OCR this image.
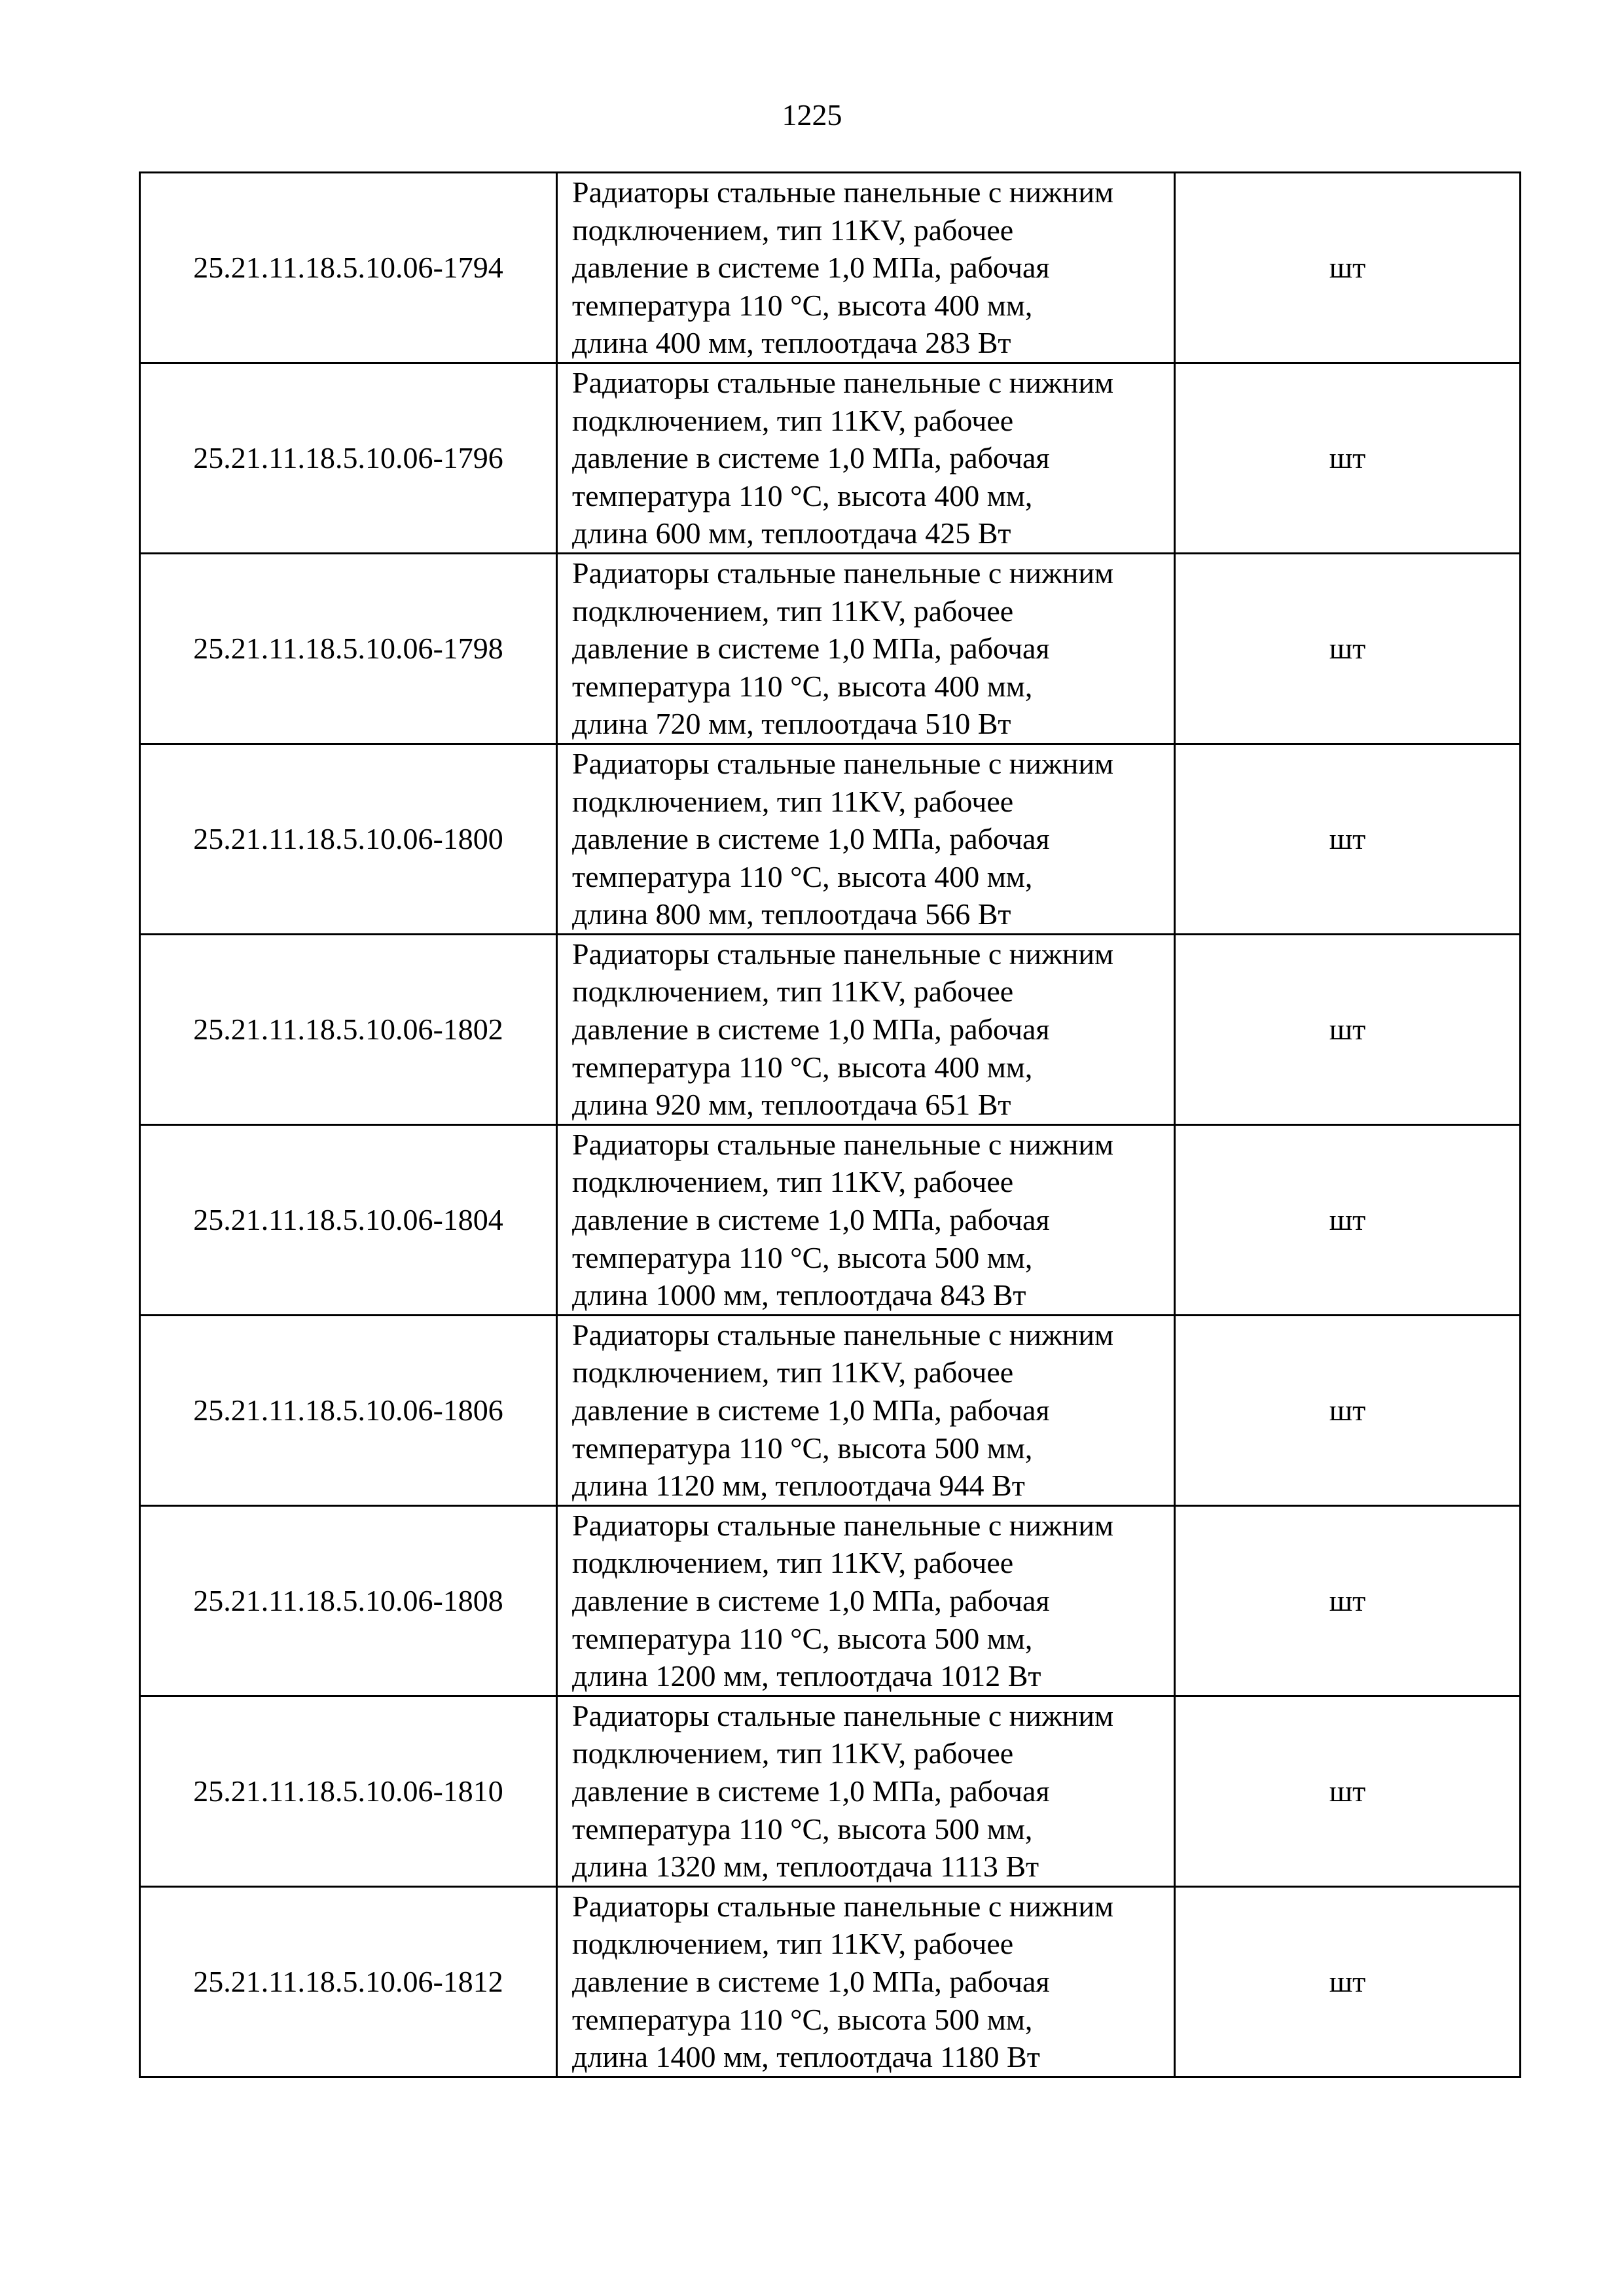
1225
25.21.11.18.5.10.06-1794	Радиаторы стальные панельные с нижним
подключением, тип 11KV, рабочее
давление в системе 1,0 МПа, рабочая
температура 110 °С, высота 400 мм,
длина 400 мм, теплоотдача 283 Вт	шт
25.21.11.18.5.10.06-1796	Радиаторы стальные панельные с нижним
подключением, тип 11KV, рабочее
давление в системе 1,0 МПа, рабочая
температура 110 °С, высота 400 мм,
длина 600 мм, теплоотдача 425 Вт	шт
25.21.11.18.5.10.06-1798	Радиаторы стальные панельные с нижним
подключением, тип 11KV, рабочее
давление в системе 1,0 МПа, рабочая
температура 110 °С, высота 400 мм,
длина 720 мм, теплоотдача 510 Вт	шт
25.21.11.18.5.10.06-1800	Радиаторы стальные панельные с нижним
подключением, тип 11KV, рабочее
давление в системе 1,0 МПа, рабочая
температура 110 °С, высота 400 мм,
длина 800 мм, теплоотдача 566 Вт	шт
25.21.11.18.5.10.06-1802	Радиаторы стальные панельные с нижним
подключением, тип 11KV, рабочее
давление в системе 1,0 МПа, рабочая
температура 110 °С, высота 400 мм,
длина 920 мм, теплоотдача 651 Вт	шт
25.21.11.18.5.10.06-1804	Радиаторы стальные панельные с нижним
подключением, тип 11KV, рабочее
давление в системе 1,0 МПа, рабочая
температура 110 °С, высота 500 мм,
длина 1000 мм, теплоотдача 843 Вт	шт
25.21.11.18.5.10.06-1806	Радиаторы стальные панельные с нижним
подключением, тип 11KV, рабочее
давление в системе 1,0 МПа, рабочая
температура 110 °С, высота 500 мм,
длина 1120 мм, теплоотдача 944 Вт	шт
25.21.11.18.5.10.06-1808	Радиаторы стальные панельные с нижним
подключением, тип 11KV, рабочее
давление в системе 1,0 МПа, рабочая
температура 110 °С, высота 500 мм,
длина 1200 мм, теплоотдача 1012 Вт	шт
25.21.11.18.5.10.06-1810	Радиаторы стальные панельные с нижним
подключением, тип 11KV, рабочее
давление в системе 1,0 МПа, рабочая
температура 110 °С, высота 500 мм,
длина 1320 мм, теплоотдача 1113 Вт	шт
25.21.11.18.5.10.06-1812	Радиаторы стальные панельные с нижним
подключением, тип 11KV, рабочее
давление в системе 1,0 МПа, рабочая
температура 110 °С, высота 500 мм,
длина 1400 мм, теплоотдача 1180 Вт	шт
